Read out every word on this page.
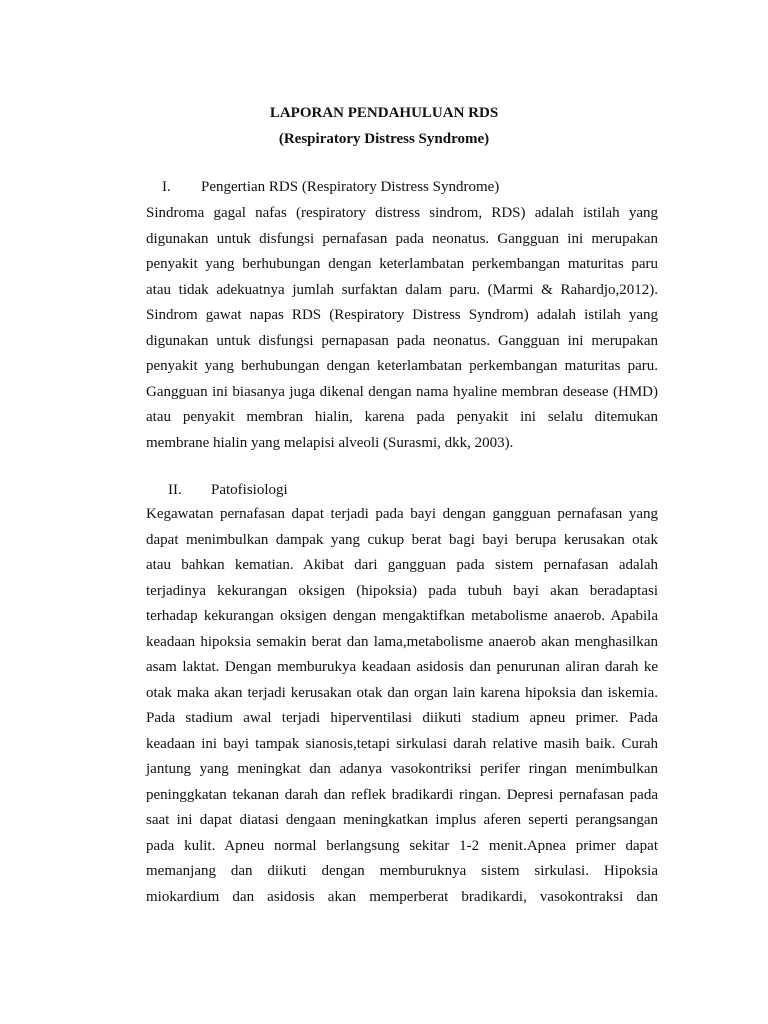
LAPORAN PENDAHULUAN RDS
(Respiratory Distress Syndrome)
I. Pengertian RDS (Respiratory Distress Syndrome)
Sindroma gagal nafas (respiratory distress sindrom, RDS) adalah istilah yang
digunakan untuk disfungsi pernafasan pada neonatus. Gangguan ini merupakan
penyakit yang berhubungan dengan keterlambatan perkembangan maturitas paru
atau tidak adekuatnya jumlah surfaktan dalam paru. (Marmi & Rahardjo,2012).
Sindrom gawat napas RDS (Respiratory Distress Syndrom) adalah istilah yang
digunakan untuk disfungsi pernapasan pada neonatus. Gangguan ini merupakan
penyakit yang berhubungan dengan keterlambatan perkembangan maturitas paru.
Gangguan ini biasanya juga dikenal dengan nama hyaline membran desease (HMD)
atau penyakit membran hialin, karena pada penyakit ini selalu ditemukan
membrane hialin yang melapisi alveoli (Surasmi, dkk, 2003).
II. Patofisiologi
Kegawatan pernafasan dapat terjadi pada bayi dengan gangguan pernafasan yang
dapat menimbulkan dampak yang cukup berat bagi bayi berupa kerusakan otak
atau bahkan kematian. Akibat dari gangguan pada sistem pernafasan adalah
terjadinya kekurangan oksigen (hipoksia) pada tubuh bayi akan beradaptasi
terhadap kekurangan oksigen dengan mengaktifkan metabolisme anaerob. Apabila
keadaan hipoksia semakin berat dan lama,metabolisme anaerob akan menghasilkan
asam laktat. Dengan memburukya keadaan asidosis dan penurunan aliran darah ke
otak maka akan terjadi kerusakan otak dan organ lain karena hipoksia dan iskemia.
Pada stadium awal terjadi hiperventilasi diikuti stadium apneu primer. Pada
keadaan ini bayi tampak sianosis,tetapi sirkulasi darah relative masih baik. Curah
jantung yang meningkat dan adanya vasokontriksi perifer ringan menimbulkan
peninggkatan tekanan darah dan reflek bradikardi ringan. Depresi pernafasan pada
saat ini dapat diatasi dengaan meningkatkan implus aferen seperti perangsangan
pada kulit. Apneu normal berlangsung sekitar 1-2 menit.Apnea primer dapat
memanjang dan diikuti dengan memburuknya sistem sirkulasi. Hipoksia
miokardium dan asidosis akan memperberat bradikardi, vasokontraksi dan
